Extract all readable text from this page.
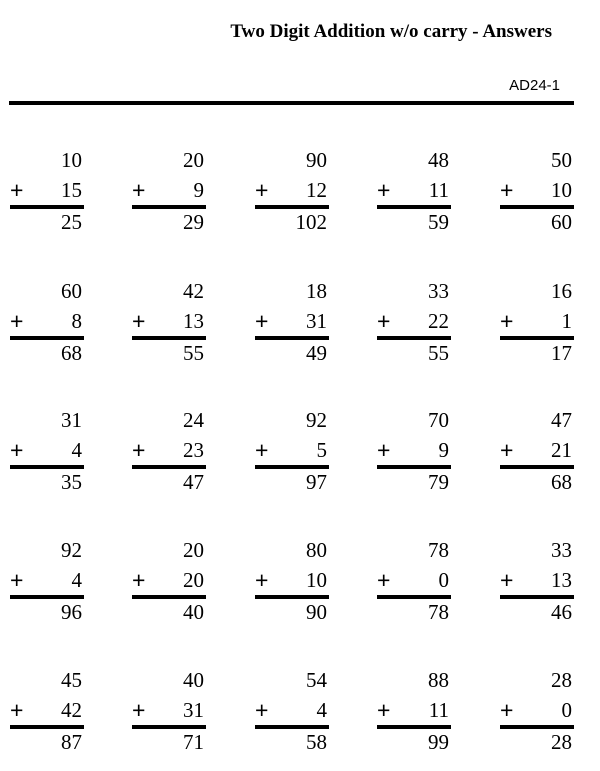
Two Digit Addition w/o carry - Answers
AD24-1
10
+ 15
25
20
+ 9
29
90
+ 12
102
48
+ 11
59
50
+ 10
60
60
+ 8
68
42
+ 13
55
18
+ 31
49
33
+ 22
55
16
+ 1
17
31
+ 4
35
24
+ 23
47
92
+ 5
97
70
+ 9
79
47
+ 21
68
92
+ 4
96
20
+ 20
40
80
+ 10
90
78
+ 0
78
33
+ 13
46
45
+ 42
87
40
+ 31
71
54
+ 4
58
88
+ 11
99
28
+ 0
28
